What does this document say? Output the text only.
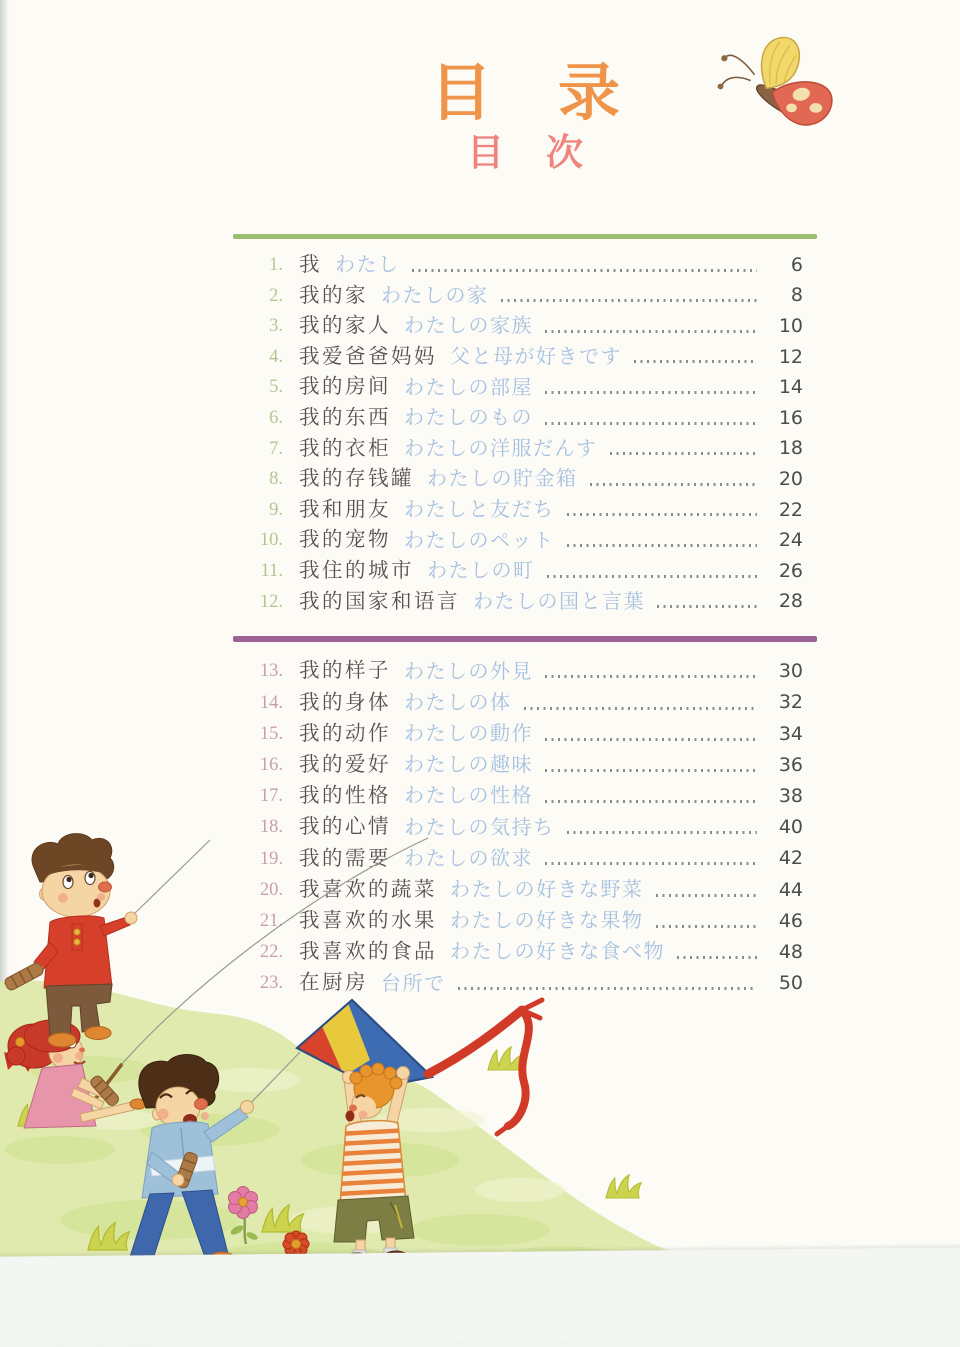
目 录
目 次
1. 我 わたし	6
2. 我的家 わたしの家	8
3. 我的家人 わたしの家族	10
4. 我爱爸爸妈妈 父と母が好きです	12
5. 我的房间 わたしの部屋	14
6. 我的东西 わたしのもの	16
7. 我的衣柜 わたしの洋服だんす	18
8. 我的存钱罐 わたしの貯金箱	20
9. 我和朋友 わたしと友だち	22
10. 我的宠物 わたしのペット	24
11. 我住的城市 わたしの町	26
12. 我的国家和语言 わたしの国と言葉	28
13. 我的样子 わたしの外見	30
14. 我的身体 わたしの体	32
15. 我的动作 わたしの動作	34
16. 我的爱好 わたしの趣味	36
17. 我的性格 わたしの性格	38
18. 我的心情 わたしの気持ち	40
19. 我的需要 わたしの欲求	42
20. 我喜欢的蔬菜 わたしの好きな野菜	44
21. 我喜欢的水果 わたしの好きな果物	46
22. 我喜欢的食品 わたしの好きな食べ物	48
23. 在厨房 台所で	50
